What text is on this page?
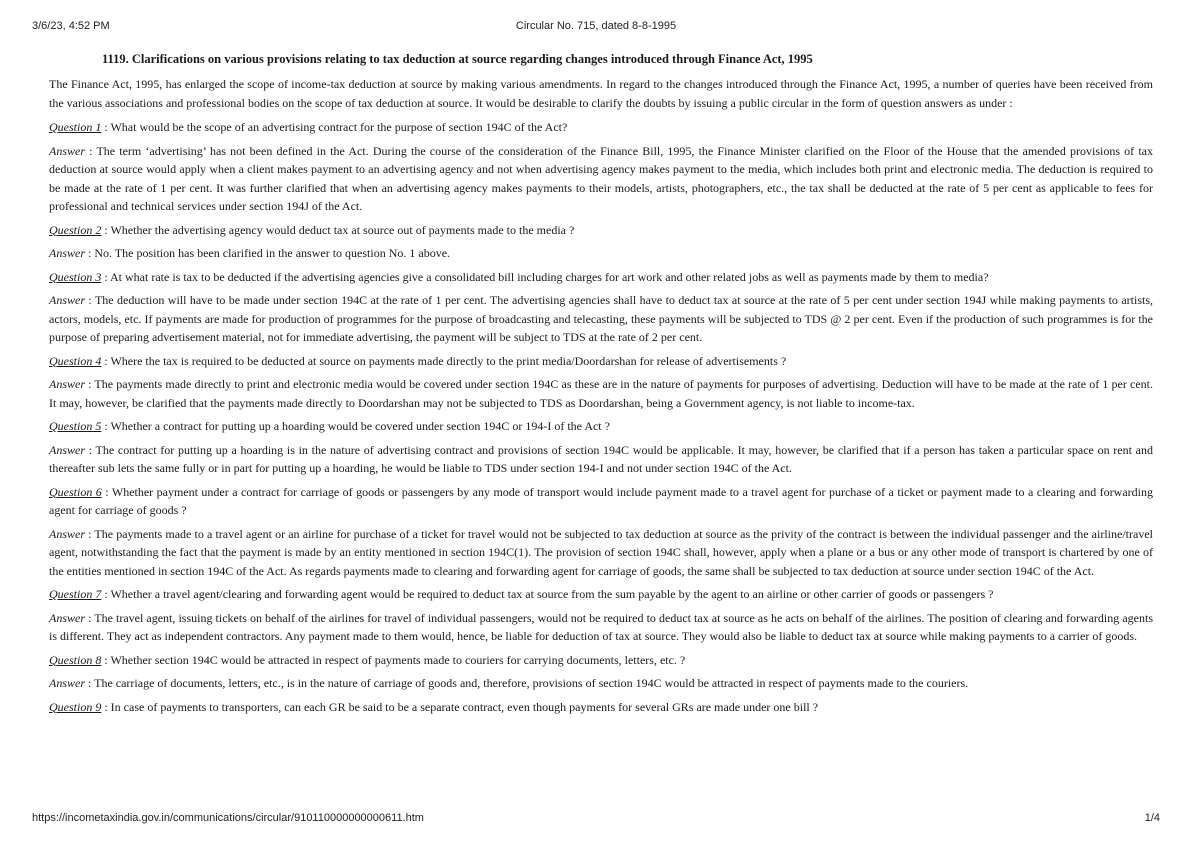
3/6/23, 4:52 PM	Circular No. 715, dated 8-8-1995
1119. Clarifications on various provisions relating to tax deduction at source regarding changes introduced through Finance Act, 1995

The Finance Act, 1995, has enlarged the scope of income-tax deduction at source by making various amendments. In regard to the changes introduced through the Finance Act, 1995, a number of queries have been received from the various associations and professional bodies on the scope of tax deduction at source. It would be desirable to clarify the doubts by issuing a public circular in the form of question answers as under :

Question 1 : What would be the scope of an advertising contract for the purpose of section 194C of the Act?

Answer : The term ‘advertising’ has not been defined in the Act. During the course of the consideration of the Finance Bill, 1995, the Finance Minister clarified on the Floor of the House that the amended provisions of tax deduction at source would apply when a client makes payment to an advertising agency and not when advertising agency makes payment to the media, which includes both print and electronic media. The deduction is required to be made at the rate of 1 per cent. It was further clarified that when an advertising agency makes payments to their models, artists, photographers, etc., the tax shall be deducted at the rate of 5 per cent as applicable to fees for professional and technical services under section 194J of the Act.

Question 2 : Whether the advertising agency would deduct tax at source out of payments made to the media ?

Answer : No. The position has been clarified in the answer to question No. 1 above.

Question 3 : At what rate is tax to be deducted if the advertising agencies give a consolidated bill including charges for art work and other related jobs as well as payments made by them to media?

Answer : The deduction will have to be made under section 194C at the rate of 1 per cent. The advertising agencies shall have to deduct tax at source at the rate of 5 per cent under section 194J while making payments to artists, actors, models, etc. If payments are made for production of programmes for the purpose of broadcasting and telecasting, these payments will be subjected to TDS @ 2 per cent. Even if the production of such programmes is for the purpose of preparing advertisement material, not for immediate advertising, the payment will be subject to TDS at the rate of 2 per cent.

Question 4 : Where the tax is required to be deducted at source on payments made directly to the print media/Doordarshan for release of advertisements ?

Answer : The payments made directly to print and electronic media would be covered under section 194C as these are in the nature of payments for purposes of advertising. Deduction will have to be made at the rate of 1 per cent. It may, however, be clarified that the payments made directly to Doordarshan may not be subjected to TDS as Doordarshan, being a Government agency, is not liable to income-tax.

Question 5 : Whether a contract for putting up a hoarding would be covered under section 194C or 194-I of the Act ?

Answer : The contract for putting up a hoarding is in the nature of advertising contract and provisions of section 194C would be applicable. It may, however, be clarified that if a person has taken a particular space on rent and thereafter sub lets the same fully or in part for putting up a hoarding, he would be liable to TDS under section 194-I and not under section 194C of the Act.

Question 6 : Whether payment under a contract for carriage of goods or passengers by any mode of transport would include payment made to a travel agent for purchase of a ticket or payment made to a clearing and forwarding agent for carriage of goods ?

Answer : The payments made to a travel agent or an airline for purchase of a ticket for travel would not be subjected to tax deduction at source as the privity of the contract is between the individual passenger and the airline/travel agent, notwithstanding the fact that the payment is made by an entity mentioned in section 194C(1). The provision of section 194C shall, however, apply when a plane or a bus or any other mode of transport is chartered by one of the entities mentioned in section 194C of the Act. As regards payments made to clearing and forwarding agent for carriage of goods, the same shall be subjected to tax deduction at source under section 194C of the Act.

Question 7 : Whether a travel agent/clearing and forwarding agent would be required to deduct tax at source from the sum payable by the agent to an airline or other carrier of goods or passengers ?

Answer : The travel agent, issuing tickets on behalf of the airlines for travel of individual passengers, would not be required to deduct tax at source as he acts on behalf of the airlines. The position of clearing and forwarding agents is different. They act as independent contractors. Any payment made to them would, hence, be liable for deduction of tax at source. They would also be liable to deduct tax at source while making payments to a carrier of goods.

Question 8 : Whether section 194C would be attracted in respect of payments made to couriers for carrying documents, letters, etc. ?

Answer : The carriage of documents, letters, etc., is in the nature of carriage of goods and, therefore, provisions of section 194C would be attracted in respect of payments made to the couriers.

Question 9 : In case of payments to transporters, can each GR be said to be a separate contract, even though payments for several GRs are made under one bill ?

https://incometaxindia.gov.in/communications/circular/910110000000000611.htm	1/4
